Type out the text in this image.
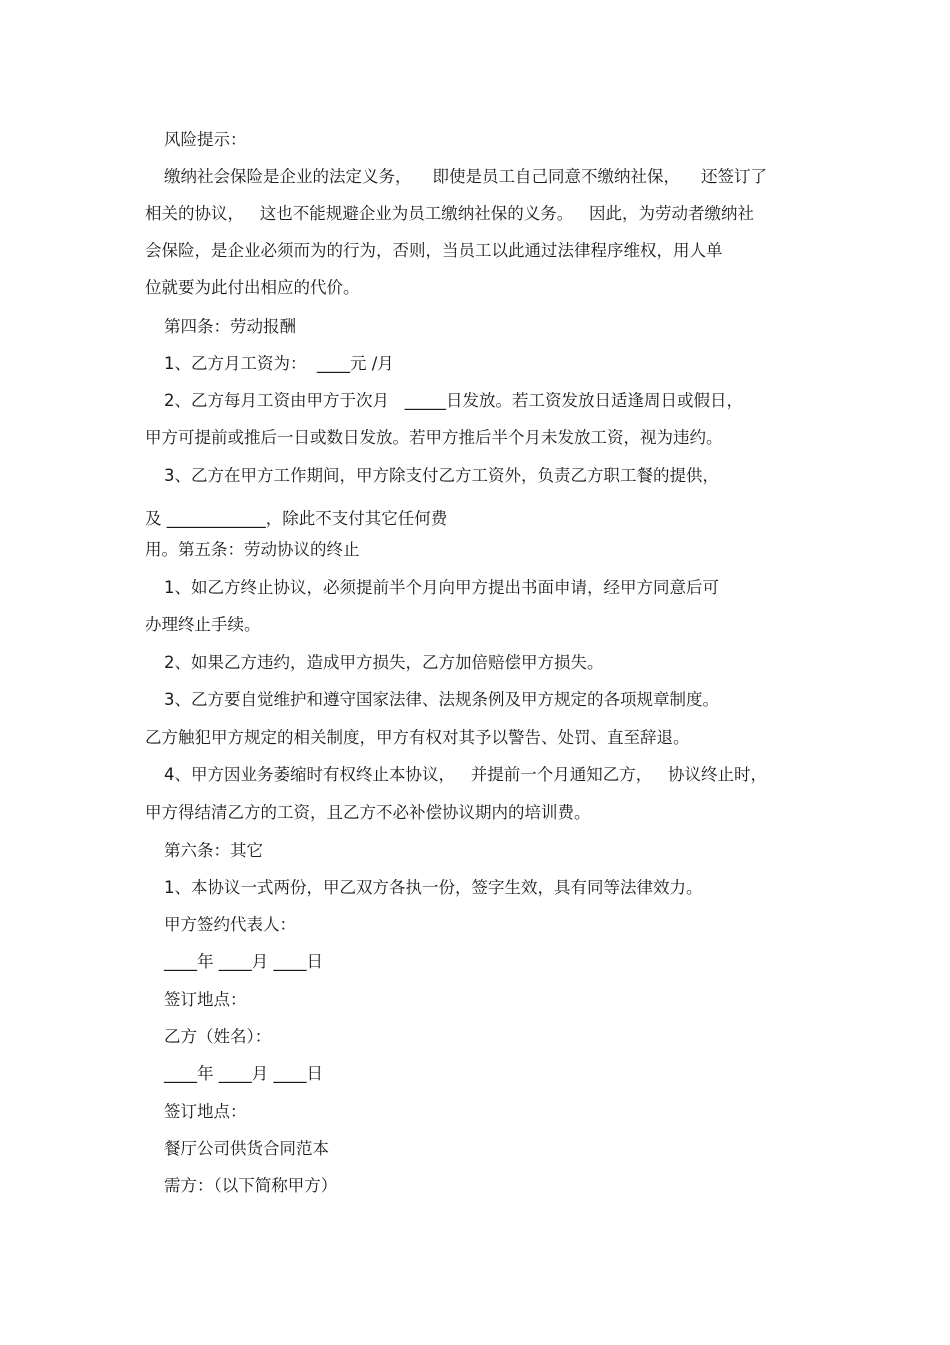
风险提示：
缴纳社会保险是企业的法定义务，    即使是员工自己同意不缴纳社保，    还签订了
相关的协议，   这也不能规避企业为员工缴纳社保的义务。   因此，为劳动者缴纳社
会保险，是企业必须而为的行为，否则，当员工以此通过法律程序维权，用人单
位就要为此付出相应的代价。
第四条：劳动报酬
1、乙方月工资为：  ____元 /月
2、乙方每月工资由甲方于次月   _____日发放。若工资发放日适逢周日或假日，
甲方可提前或推后一日或数日发放。若甲方推后半个月未发放工资，视为违约。
3、乙方在甲方工作期间，甲方除支付乙方工资外，负责乙方职工餐的提供，
及 ____________，除此不支付其它任何费
用。第五条：劳动协议的终止
1、如乙方终止协议，必须提前半个月向甲方提出书面申请，经甲方同意后可
办理终止手续。
2、如果乙方违约，造成甲方损失，乙方加倍赔偿甲方损失。
3、乙方要自觉维护和遵守国家法律、法规条例及甲方规定的各项规章制度。
乙方触犯甲方规定的相关制度，甲方有权对其予以警告、处罚、直至辞退。
4、甲方因业务萎缩时有权终止本协议，   并提前一个月通知乙方，   协议终止时，
甲方得结清乙方的工资，且乙方不必补偿协议期内的培训费。
第六条：其它
1、本协议一式两份，甲乙双方各执一份，签字生效，具有同等法律效力。
甲方签约代表人：
____年 ____月 ____日
签订地点：
乙方（姓名）：
____年 ____月 ____日
签订地点：
餐厅公司供货合同范本
需方：（以下简称甲方）
